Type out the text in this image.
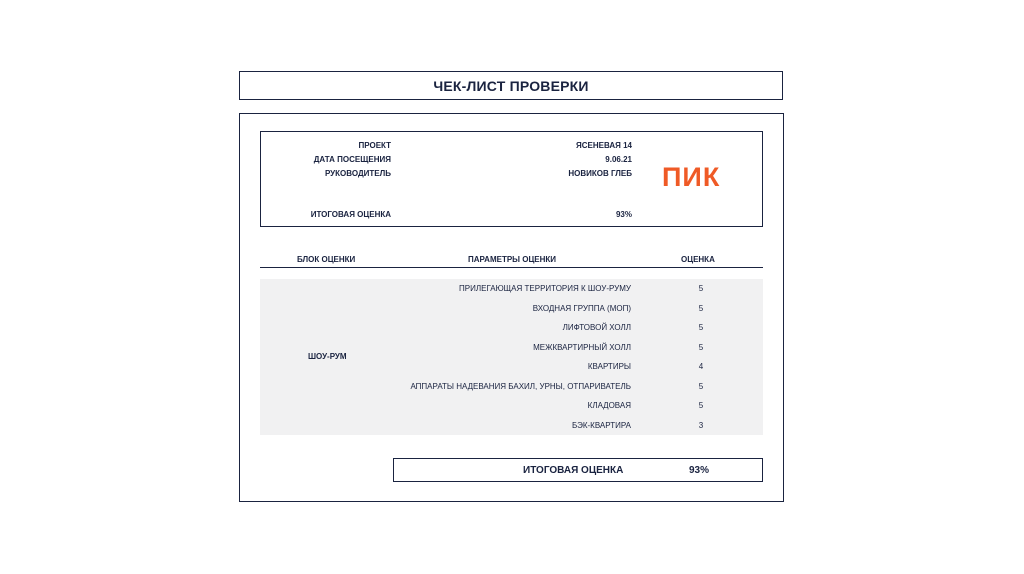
ЧЕК-ЛИСТ ПРОВЕРКИ
ПРОЕКТ	ЯСЕНЕВАЯ 14
ДАТА ПОСЕЩЕНИЯ	9.06.21
РУКОВОДИТЕЛЬ	НОВИКОВ ГЛЕБ
ИТОГОВАЯ ОЦЕНКА	93%
ПИК
БЛОК ОЦЕНКИ	ПАРАМЕТРЫ ОЦЕНКИ	ОЦЕНКА
ШОУ-РУМ
ПРИЛЕГАЮЩАЯ ТЕРРИТОРИЯ К ШОУ-РУМУ	5
ВХОДНАЯ ГРУППА (МОП)	5
ЛИФТОВОЙ ХОЛЛ	5
МЕЖКВАРТИРНЫЙ ХОЛЛ	5
КВАРТИРЫ	4
АППАРАТЫ НАДЕВАНИЯ БАХИЛ, УРНЫ, ОТПАРИВАТЕЛЬ	5
КЛАДОВАЯ	5
БЭК-КВАРТИРА	3
ИТОГОВАЯ ОЦЕНКА	93%
